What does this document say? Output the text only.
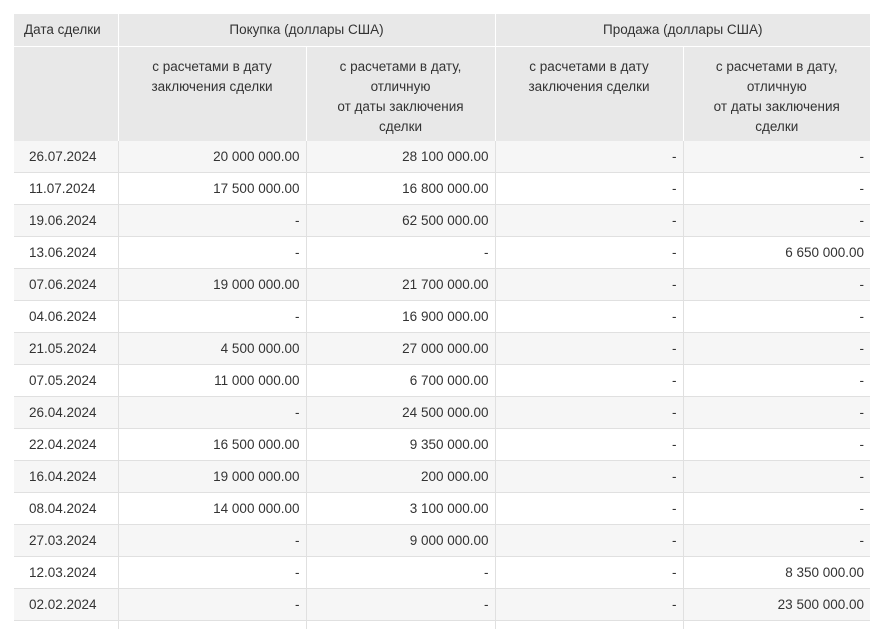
Дата сделки	Покупка (доллары США)		Продажа (доллары США)	
	с расчетами в дату
заключения сделки	с расчетами в дату,
отличную
от даты заключения
сделки	с расчетами в дату
заключения сделки	с расчетами в дату,
отличную
от даты заключения
сделки
26.07.2024	20 000 000.00	28 100 000.00	-	-
11.07.2024	17 500 000.00	16 800 000.00	-	-
19.06.2024	-	62 500 000.00	-	-
13.06.2024	-	-	-	6 650 000.00
07.06.2024	19 000 000.00	21 700 000.00	-	-
04.06.2024	-	16 900 000.00	-	-
21.05.2024	4 500 000.00	27 000 000.00	-	-
07.05.2024	11 000 000.00	6 700 000.00	-	-
26.04.2024	-	24 500 000.00	-	-
22.04.2024	16 500 000.00	9 350 000.00	-	-
16.04.2024	19 000 000.00	200 000.00	-	-
08.04.2024	14 000 000.00	3 100 000.00	-	-
27.03.2024	-	9 000 000.00	-	-
12.03.2024	-	-	-	8 350 000.00
02.02.2024	-	-	-	23 500 000.00
